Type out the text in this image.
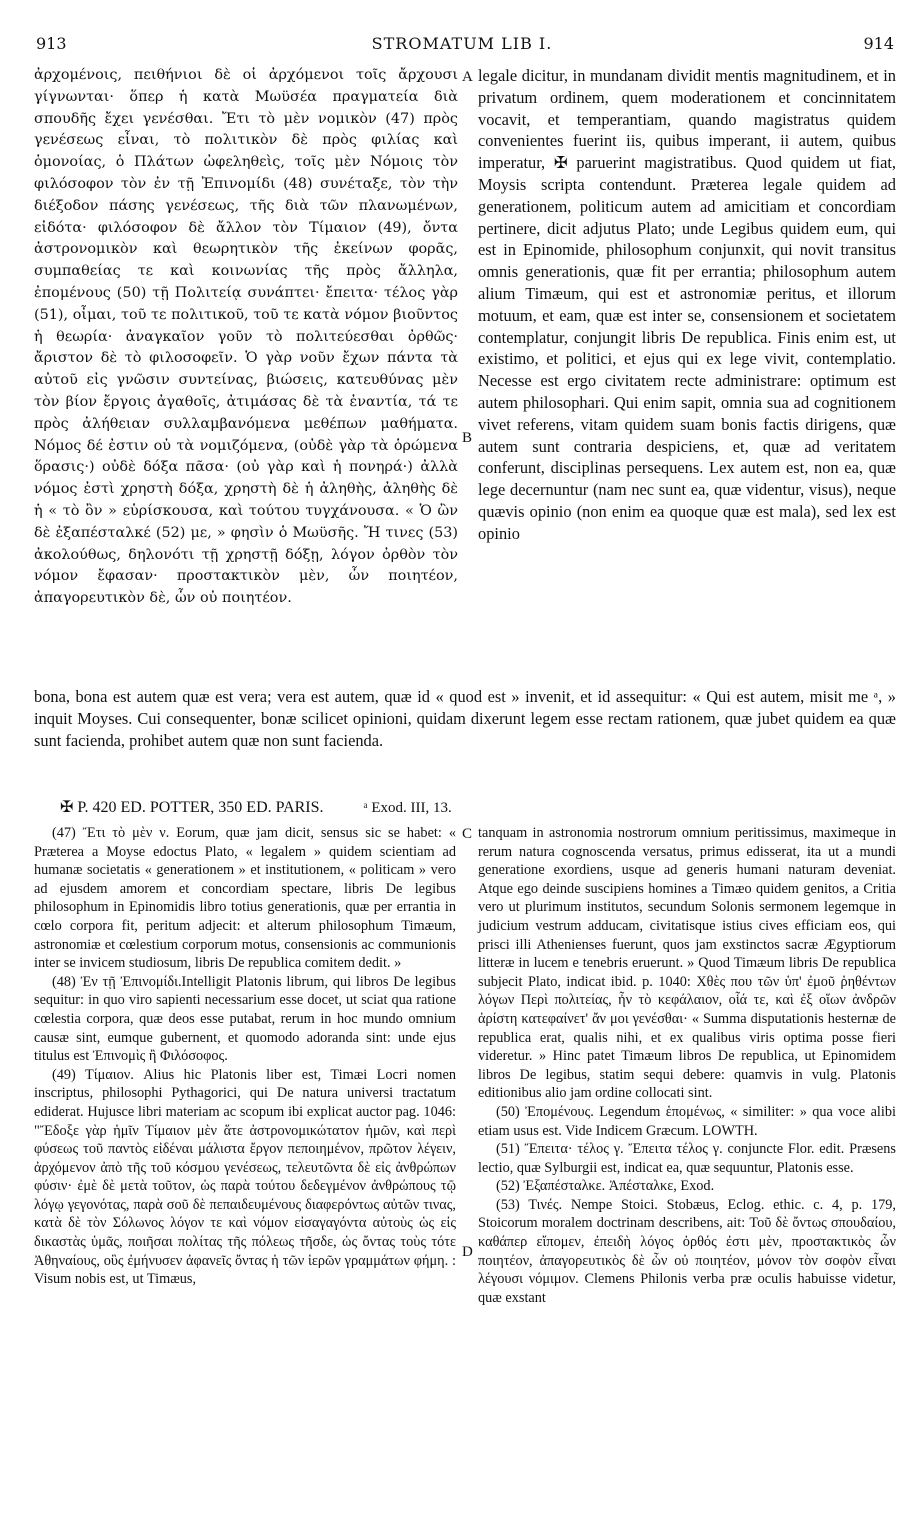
913	STROMATUM LIB I.	914
ἀρχομένοις, πειθήνιοι δὲ οἱ ἀρχόμενοι τοῖς ἄρχουσι γίγνωνται· ὅπερ ἡ κατὰ Μωϋσέα πραγματεία διὰ σπουδῆς ἔχει γενέσθαι. Ἔτι τὸ μὲν νομικὸν (47) πρὸς γενέσεως εἶναι, τὸ πολιτικὸν δὲ πρὸς φιλίας καὶ ὁμονοίας, ὁ Πλάτων ὠφεληθεὶς, τοῖς μὲν Νόμοις τὸν φιλόσοφον τὸν ἐν τῇ Ἐπινομίδι (48) συνέταξε, τὸν τὴν διέξοδον πάσης γενέσεως, τῆς διὰ τῶν πλανωμένων, εἰδότα· φιλόσοφον δὲ ἄλλον τὸν Τίμαιον (49), ὄντα ἀστρονομικὸν καὶ θεωρητικὸν τῆς ἐκείνων φορᾶς, συμπαθείας τε καὶ κοινωνίας τῆς πρὸς ἄλληλα, ἐπομένους (50) τῇ Πολιτείᾳ συνάπτει· ἔπειτα· τέλος γὰρ (51), οἶμαι, τοῦ τε πολιτικοῦ, τοῦ τε κατὰ νόμον βιοῦντος ἡ θεωρία· ἀναγκαῖον γοῦν τὸ πολιτεύεσθαι ὀρθῶς· ἄριστον δὲ τὸ φιλοσοφεῖν. Ὁ γὰρ νοῦν ἔχων πάντα τὰ αὐτοῦ εἰς γνῶσιν συντείνας, βιώσεις, κατευθύνας μὲν τὸν βίον ἔργοις ἀγαθοῖς, ἀτιμάσας δὲ τὰ ἐναντία, τά τε πρὸς ἀλήθειαν συλλαμβανόμενα μεθέπων μαθήματα. Νόμος δέ ἐστιν οὐ τὰ νομιζόμενα, (οὐδὲ γὰρ τὰ ὁρώμενα ὅρασις·) οὐδὲ δόξα πᾶσα· (οὐ γὰρ καὶ ἡ πονηρά·) ἀλλὰ νόμος ἐστὶ χρηστὴ δόξα, χρηστὴ δὲ ἡ ἀληθὴς, ἀληθὴς δὲ ἡ « τὸ ὂν » εὑρίσκουσα, καὶ τούτου τυγχάνουσα. « Ὁ ὢν δὲ ἐξαπέσταλκέ (52) με, » φησὶν ὁ Μωϋσῆς. Ἤ τινες (53) ἀκολούθως, δηλονότι τῇ χρηστῇ δόξῃ, λόγον ὀρθὸν τὸν νόμον ἔφασαν· προστακτικὸν μὲν, ὧν ποιητέον, ἀπαγορευτικὸν δὲ, ὧν οὐ ποιητέον.
A
B
legale dicitur, in mundanam dividit mentis magnitudinem, et in privatum ordinem, quem moderationem et concinnitatem vocavit, et temperantiam, quando magistratus quidem convenientes fuerint iis, quibus imperant, ii autem, quibus imperatur, ✠ paruerint magistratibus. Quod quidem ut fiat, Moysis scripta contendunt. Præterea legale quidem ad generationem, politicum autem ad amicitiam et concordiam pertinere, dicit adjutus Plato; unde Legibus quidem eum, qui est in Epinomide, philosophum conjunxit, qui novit transitus omnis generationis, quæ fit per errantia; philosophum autem alium Timæum, qui est et astronomiæ peritus, et illorum motuum, et eam, quæ est inter se, consensionem et societatem contemplatur, conjungit libris De republica. Finis enim est, ut existimo, et politici, et ejus qui ex lege vivit, contemplatio. Necesse est ergo civitatem recte administrare: optimum est autem philosophari. Qui enim sapit, omnia sua ad cognitionem vivet referens, vitam quidem suam bonis factis dirigens, quæ autem sunt contraria despiciens, et, quæ ad veritatem conferunt, disciplinas persequens. Lex autem est, non ea, quæ lege decernuntur (nam nec sunt ea, quæ videntur, visus), neque quævis opinio (non enim ea quoque quæ est mala), sed lex est opinio
bona, bona est autem quæ est vera; vera est autem, quæ id « quod est » invenit, et id assequitur: « Qui est autem, misit me ᵃ, » inquit Moyses. Cui consequenter, bonæ scilicet opinioni, quidam dixerunt legem esse rectam rationem, quæ jubet quidem ea quæ sunt facienda, prohibet autem quæ non sunt facienda.
✠ P. 420 ED. POTTER, 350 ED. PARIS.	ᵃ Exod. III, 13.
C
D

(47) Ἔτι τὸ μὲν ν. Eorum, quæ jam dicit, sensus sic se habet: « Præterea a Moyse edoctus Plato, « legalem » quidem scientiam ad humanæ societatis « generationem » et institutionem, « politicam » vero ad ejusdem amorem et concordiam spectare, libris De legibus philosophum in Epinomidis libro totius generationis, quæ per errantia in cœlo corpora fit, peritum adjecit: et alterum philosophum Timæum, astronomiæ et cœlestium corporum motus, consensionis ac communionis inter se invicem studiosum, libris De republica comitem dedit. »

(48) Ἐν τῇ Ἐπινομίδι.Intelligit Platonis librum, qui libros De legibus sequitur: in quo viro sapienti necessarium esse docet, ut sciat qua ratione cœlestia corpora, quæ deos esse putabat, rerum in hoc mundo omnium causæ sint, eumque gubernent, et quomodo adoranda sint: unde ejus titulus est Ἐπινομὶς ἢ Φιλόσοφος.

(49) Τίμαιον. Alius hic Platonis liber est, Timæi Locri nomen inscriptus, philosophi Pythagorici, qui De natura universi tractatum ediderat. Hujusce libri materiam ac scopum ibi explicat auctor pag. 1046: "Ἔδοξε γὰρ ἡμῖν Τίμαιον μὲν ἅτε ἀστρονομικώτατον ἡμῶν, καὶ περὶ φύσεως τοῦ παντὸς εἰδέναι μάλιστα ἔργον πεποιημένον, πρῶτον λέγειν, ἀρχόμενον ἀπὸ τῆς τοῦ κόσμου γενέσεως, τελευτῶντα δὲ εἰς ἀνθρώπων φύσιν· ἐμὲ δὲ μετὰ τοῦτον, ὡς παρὰ τούτου δεδεγμένον ἀνθρώπους τῷ λόγῳ γεγονότας, παρὰ σοῦ δὲ πεπαιδευμένους διαφερόντως αὐτῶν τινας, κατὰ δὲ τὸν Σόλωνος λόγον τε καὶ νόμον εἰσαγαγόντα αὐτοὺς ὡς εἰς δικαστὰς ὑμᾶς, ποιῆσαι πολίτας τῆς πόλεως τῆσδε, ὡς ὄντας τοὺς τότε Ἀθηναίους, οὓς ἐμήνυσεν ἀφανεῖς ὄντας ἡ τῶν ἱερῶν γραμμάτων φήμη. : Visum nobis est, ut Timæus,

tanquam in astronomia nostrorum omnium peritissimus, maximeque in rerum natura cognoscenda versatus, primus edisserat, ita ut a mundi generatione exordiens, usque ad generis humani naturam deveniat. Atque ego deinde suscipiens homines a Timæo quidem genitos, a Critia vero ut plurimum institutos, secundum Solonis sermonem legemque in judicium vestrum adducam, civitatisque istius cives efficiam eos, qui prisci illi Athenienses fuerunt, quos jam exstinctos sacræ Ægyptiorum litteræ in lucem e tenebris eruerunt. » Quod Timæum libris De republica subjecit Plato, indicat ibid. p. 1040: Χθὲς που τῶν ὑπ' ἐμοῦ ῥηθέντων λόγων Περὶ πολιτείας, ἦν τὸ κεφάλαιον, οἷά τε, καὶ ἐξ οἵων ἀνδρῶν ἀρίστη κατεφαίνετ' ἄν μοι γενέσθαι· « Summa disputationis hesternæ de republica erat, qualis nihi, et ex qualibus viris optima posse fieri videretur. » Hinc patet Timæum libros De republica, ut Epinomidem libros De legibus, statim sequi debere: quamvis in vulg. Platonis editionibus alio jam ordine collocati sint.

(50) Ἐπομένους. Legendum ἑπομένως, « similiter: » qua voce alibi etiam usus est. Vide Indicem Græcum. LOWTH.

(51) Ἔπειτα· τέλος γ. Ἔπειτα τέλος γ. conjuncte Flor. edit. Præsens lectio, quæ Sylburgii est, indicat ea, quæ sequuntur, Platonis esse.

(52) Ἐξαπέσταλκε. Ἀπέσταλκε, Exod.

(53) Τινές. Nempe Stoici. Stobæus, Eclog. ethic. c. 4, p. 179, Stoicorum moralem doctrinam describens, ait: Τοῦ δὲ ὄντως σπουδαίου, καθάπερ εἴπομεν, ἐπειδὴ λόγος ὀρθός ἐστι μὲν, προστακτικὸς ὧν ποιητέον, ἀπαγορευτικὸς δὲ ὧν οὐ ποιητέον, μόνον τὸν σοφὸν εἶναι λέγουσι νόμιμον. Clemens Philonis verba præ oculis habuisse videtur, quæ exstant
